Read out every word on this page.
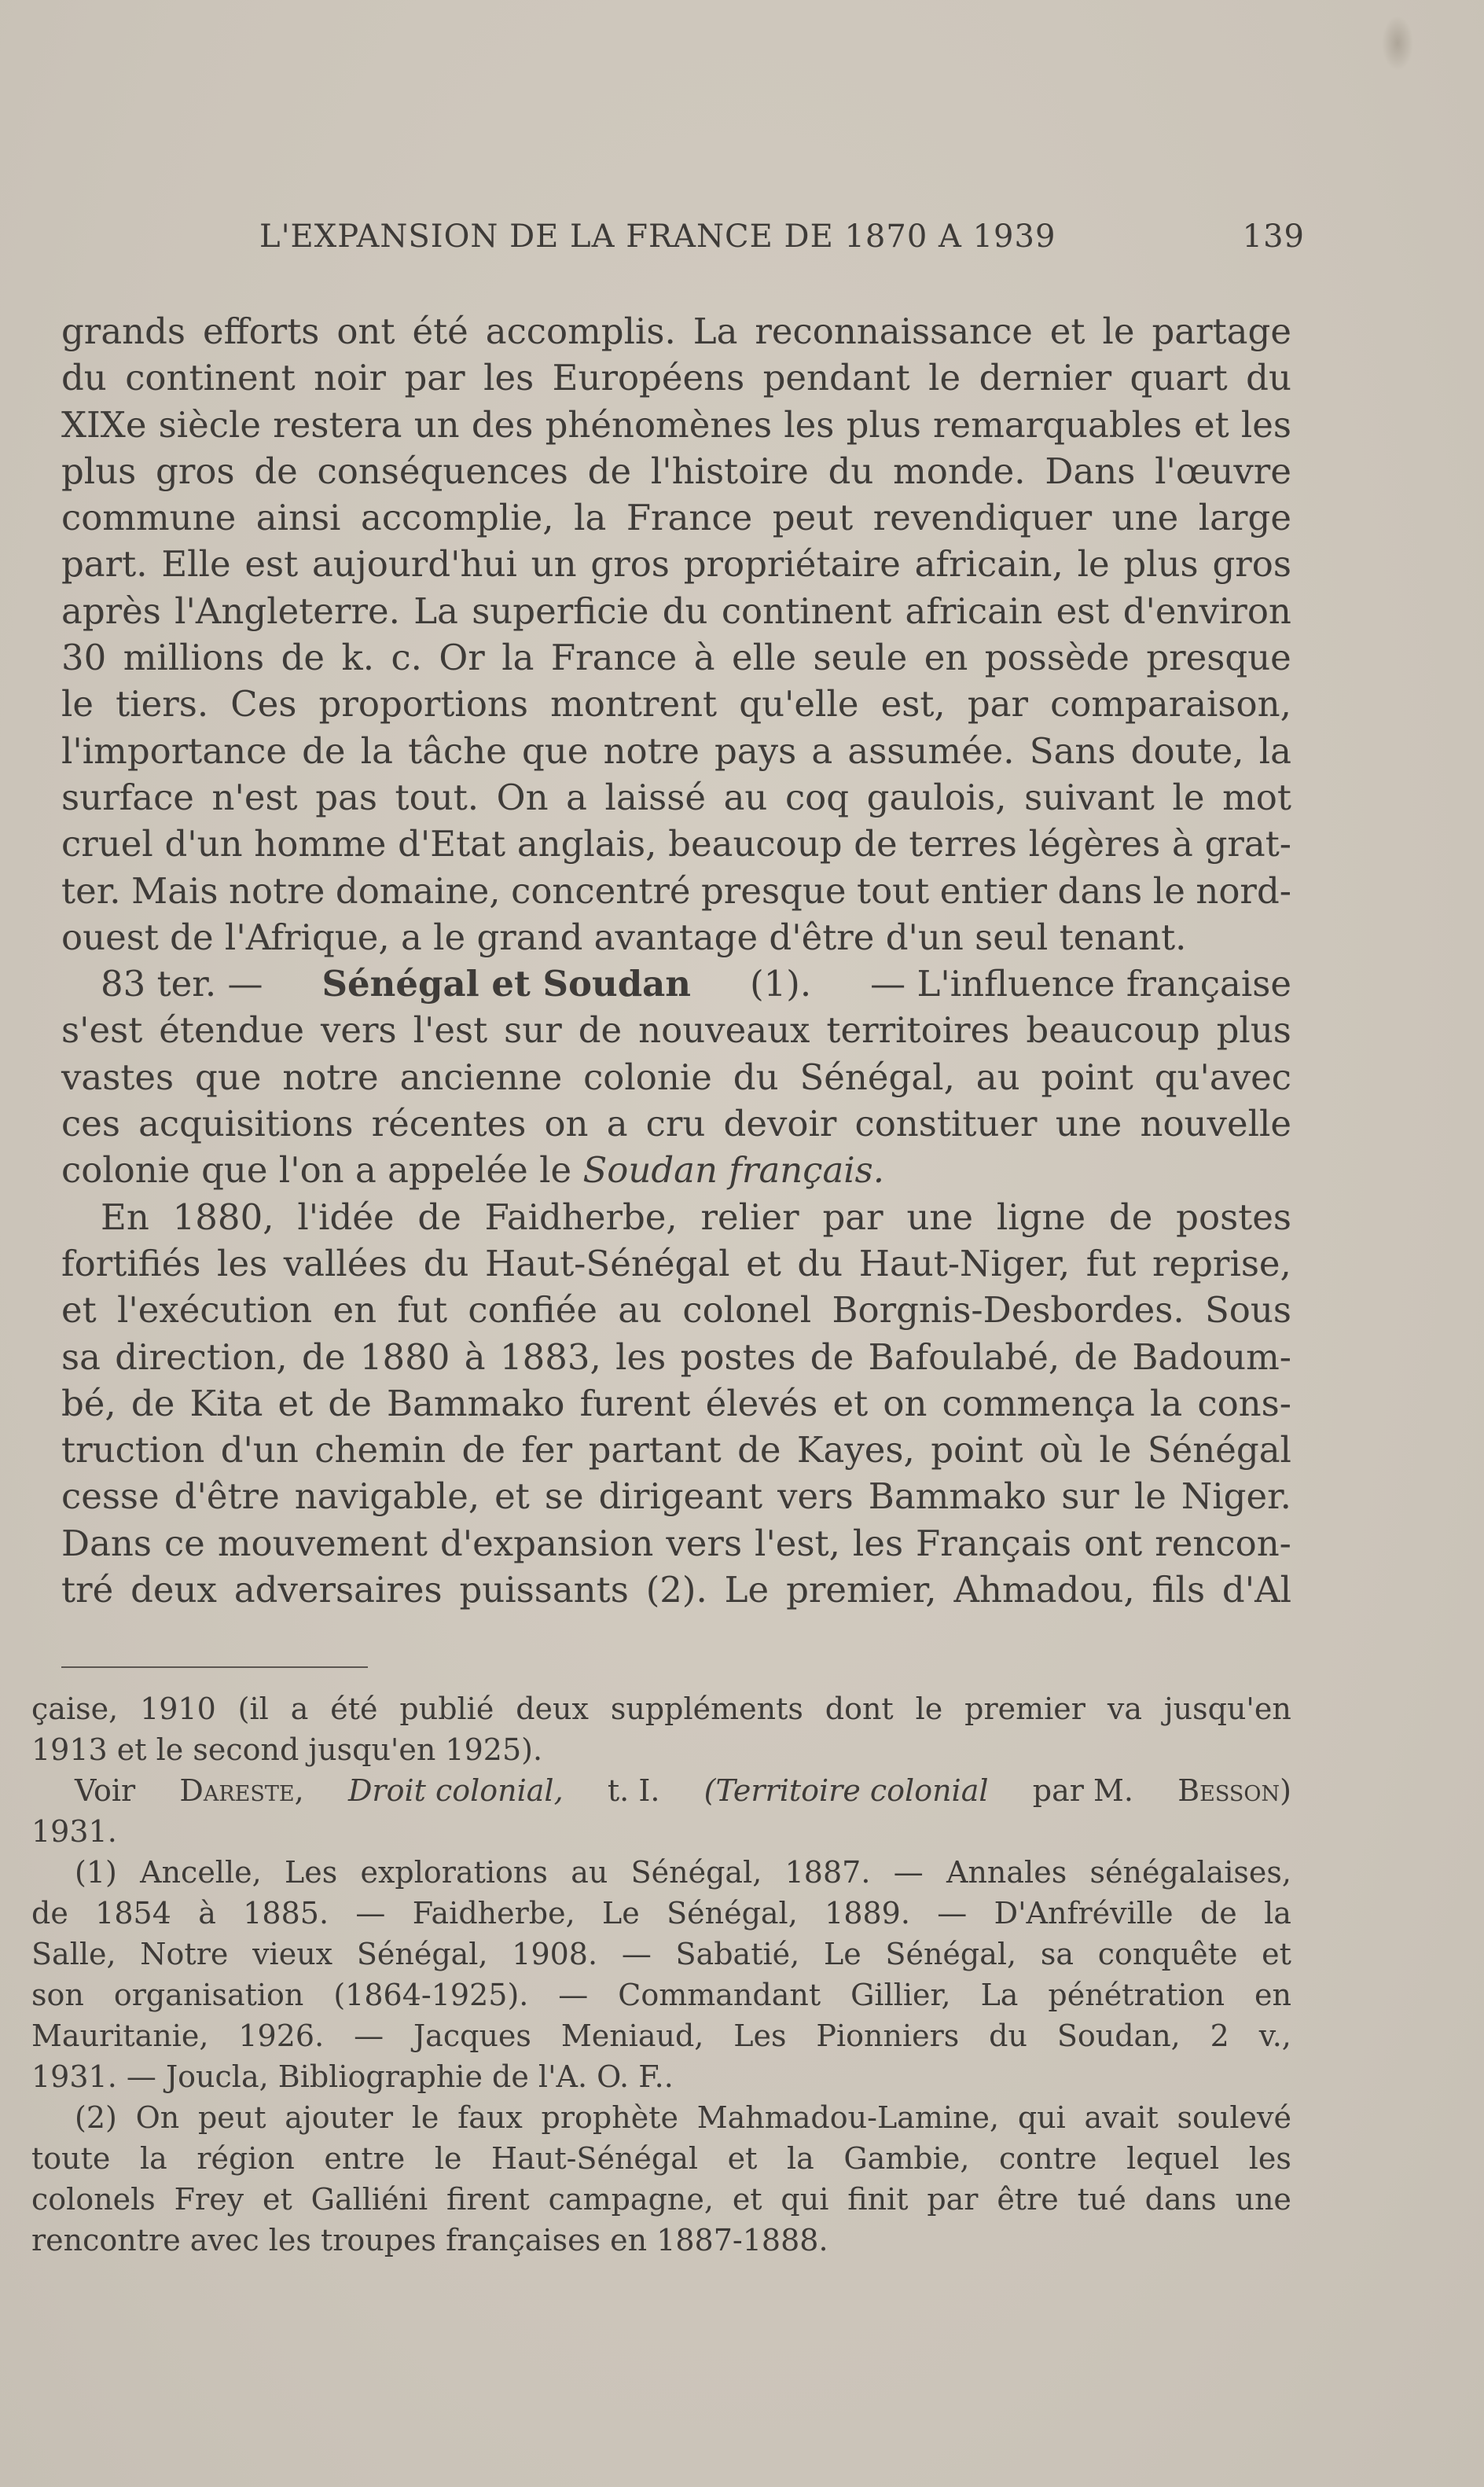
L'EXPANSION DE LA FRANCE DE 1870 A 1939	139
grands efforts ont été accomplis. La reconnaissance et le partage
du continent noir par les Européens pendant le dernier quart du
XIXe siècle restera un des phénomènes les plus remarquables et les
plus gros de conséquences de l'histoire du monde. Dans l'œuvre
commune ainsi accomplie, la France peut revendiquer une large
part. Elle est aujourd'hui un gros propriétaire africain, le plus gros
après l'Angleterre. La superficie du continent africain est d'environ
30 millions de k. c. Or la France à elle seule en possède presque
le tiers. Ces proportions montrent qu'elle est, par comparaison,
l'importance de la tâche que notre pays a assumée. Sans doute, la
surface n'est pas tout. On a laissé au coq gaulois, suivant le mot
cruel d'un homme d'Etat anglais, beaucoup de terres légères à grat-
ter. Mais notre domaine, concentré presque tout entier dans le nord-
ouest de l'Afrique, a le grand avantage d'être d'un seul tenant.
83 ter. — Sénégal et Soudan (1). — L'influence française
s'est étendue vers l'est sur de nouveaux territoires beaucoup plus
vastes que notre ancienne colonie du Sénégal, au point qu'avec
ces acquisitions récentes on a cru devoir constituer une nouvelle
colonie que l'on a appelée le
Soudan français.
En 1880, l'idée de Faidherbe, relier par une ligne de postes
fortifiés les vallées du Haut-Sénégal et du Haut-Niger, fut reprise,
et l'exécution en fut confiée au colonel Borgnis-Desbordes. Sous
sa direction, de 1880 à 1883, les postes de Bafoulabé, de Badoum-
bé, de Kita et de Bammako furent élevés et on commença la cons-
truction d'un chemin de fer partant de Kayes, point où le Sénégal
cesse d'être navigable, et se dirigeant vers Bammako sur le Niger.
Dans ce mouvement d'expansion vers l'est, les Français ont rencon-
tré deux adversaires puissants (2). Le premier, Ahmadou, fils d'Al
çaise, 1910 (il a été publié deux suppléments dont le premier va jusqu'en
1913 et le second jusqu'en 1925).
Voir Dareste, Droit colonial, t. I. (Territoire colonial par M. Besson)
1931.
(1) Ancelle, Les explorations au Sénégal, 1887. — Annales sénégalaises,
de 1854 à 1885. — Faidherbe, Le Sénégal, 1889. — D'Anfréville de la
Salle, Notre vieux Sénégal, 1908. — Sabatié, Le Sénégal, sa conquête et
son organisation (1864-1925). — Commandant Gillier, La pénétration en
Mauritanie, 1926. — Jacques Meniaud, Les Pionniers du Soudan, 2 v.,
1931. — Joucla, Bibliographie de l'A. O. F..
(2) On peut ajouter le faux prophète Mahmadou-Lamine, qui avait soulevé
toute la région entre le Haut-Sénégal et la Gambie, contre lequel les
colonels Frey et Galliéni firent campagne, et qui finit par être tué dans une
rencontre avec les troupes françaises en 1887-1888.
